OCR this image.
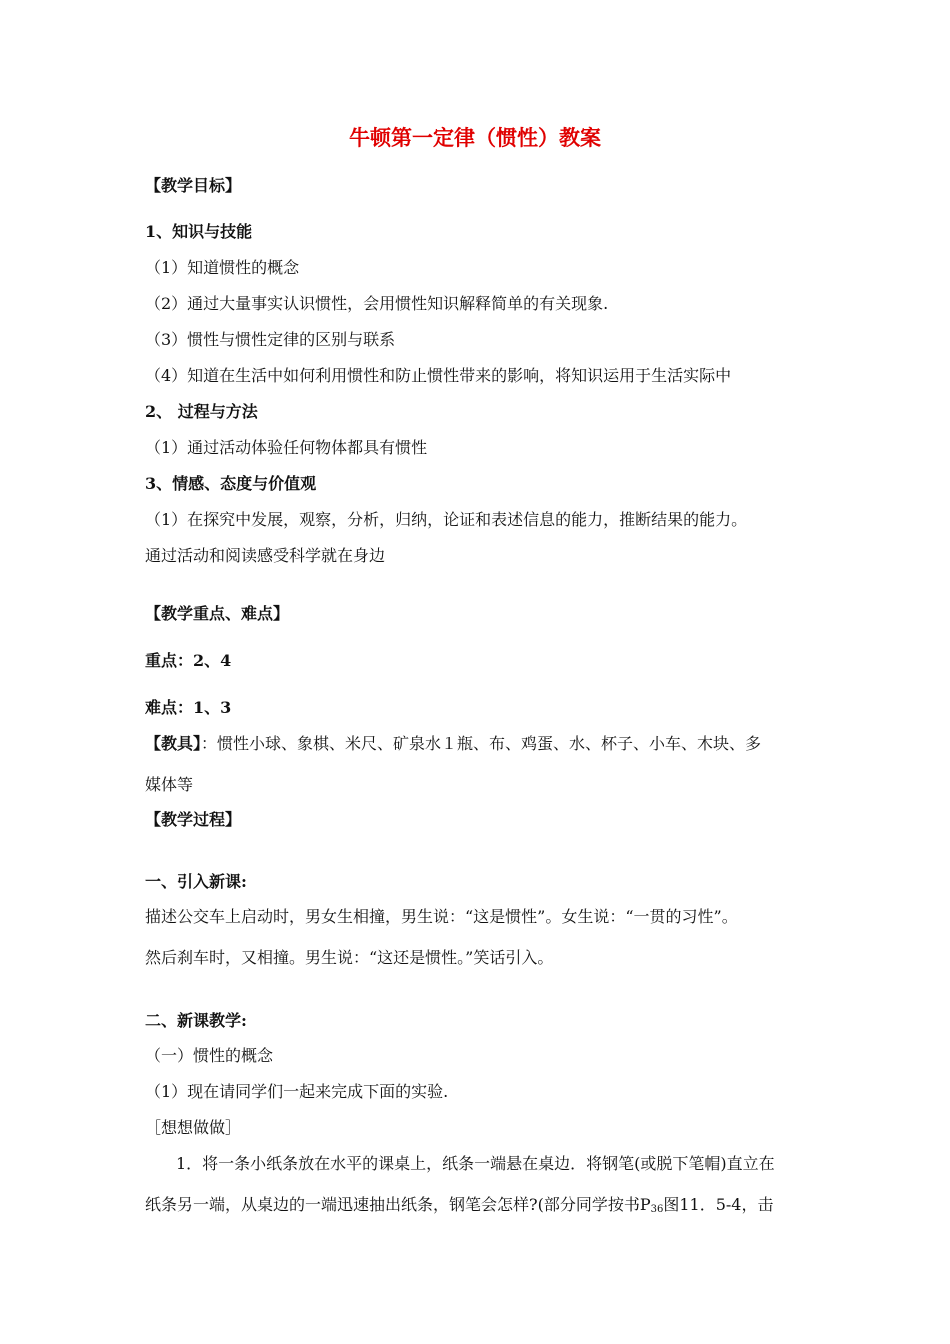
牛顿第一定律（惯性）教案
【教学目标】
1、知识与技能
（1）知道惯性的概念
（2）通过大量事实认识惯性，会用惯性知识解释简单的有关现象.
（3）惯性与惯性定律的区别与联系
（4）知道在生活中如何利用惯性和防止惯性带来的影响，将知识运用于生活实际中
2、 过程与方法
（1）通过活动体验任何物体都具有惯性
3、情感、态度与价值观
（1）在探究中发展，观察，分析，归纳，论证和表述信息的能力，推断结果的能力。
通过活动和阅读感受科学就在身边
【教学重点、难点】
重点：2、4
难点：1、3
【教具】：惯性小球、象棋、米尺、矿泉水１瓶、布、鸡蛋、水、杯子、小车、木块、多
媒体等
【教学过程】
一、引入新课:
描述公交车上启动时，男女生相撞，男生说：“这是惯性”。女生说：“一贯的习性”。
然后刹车时，又相撞。男生说：“这还是惯性。”笑话引入。
二、新课教学:
（一）惯性的概念
（1）现在请同学们一起来完成下面的实验.
［想想做做］
1．将一条小纸条放在水平的课桌上，纸条一端悬在桌边．将钢笔(或脱下笔帽)直立在
纸条另一端，从桌边的一端迅速抽出纸条，钢笔会怎样?(部分同学按书$P_{36}$图11．5-4，击
